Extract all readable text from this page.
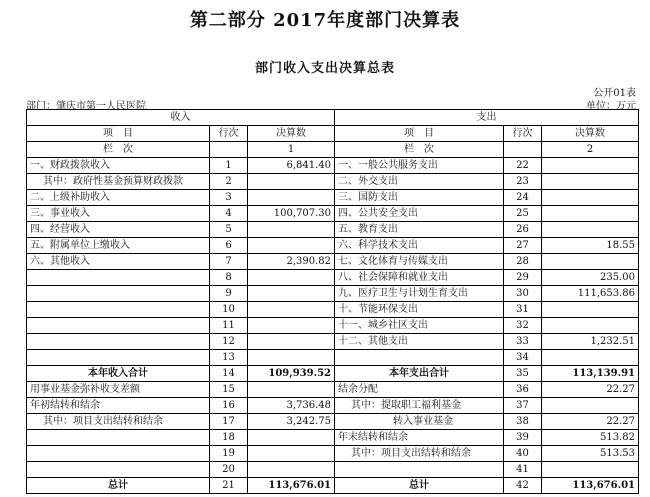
第二部分 2017年度部门决算表
部门收入支出决算总表
公开01表
部门：肇庆市第一人民医院	单位：万元
收入			支出		
项　目	行次	决算数	项　目	行次	决算数
栏　次		1	栏　次		2
一、财政拨款收入	1	6,841.40	一、一般公共服务支出	22	
其中：政府性基金预算财政拨款	2		二、外交支出	23	
二、上级补助收入	3		三、国防支出	24	
三、事业收入	4	100,707.30	四、公共安全支出	25	
四、经营收入	5		五、教育支出	26	
五、附属单位上缴收入	6		六、科学技术支出	27	18.55
六、其他收入	7	2,390.82	七、文化体育与传媒支出	28	
	8		八、社会保障和就业支出	29	235.00
	9		九、医疗卫生与计划生育支出	30	111,653.86
	10		十、节能环保支出	31	
	11		十一、城乡社区支出	32	
	12		十二、其他支出	33	1,232.51
	13			34	
本年收入合计	14	109,939.52	本年支出合计	35	113,139.91
用事业基金弥补收支差额	15		结余分配	36	22.27
年初结转和结余	16	3,736.48	其中：提取职工福利基金	37	
其中：项目支出结转和结余	17	3,242.75	转入事业基金	38	22.27
	18		年末结转和结余	39	513.82
	19		其中：项目支出结转和结余	40	513.53
	20			41	
总计	21	113,676.01	总计	42	113,676.01
